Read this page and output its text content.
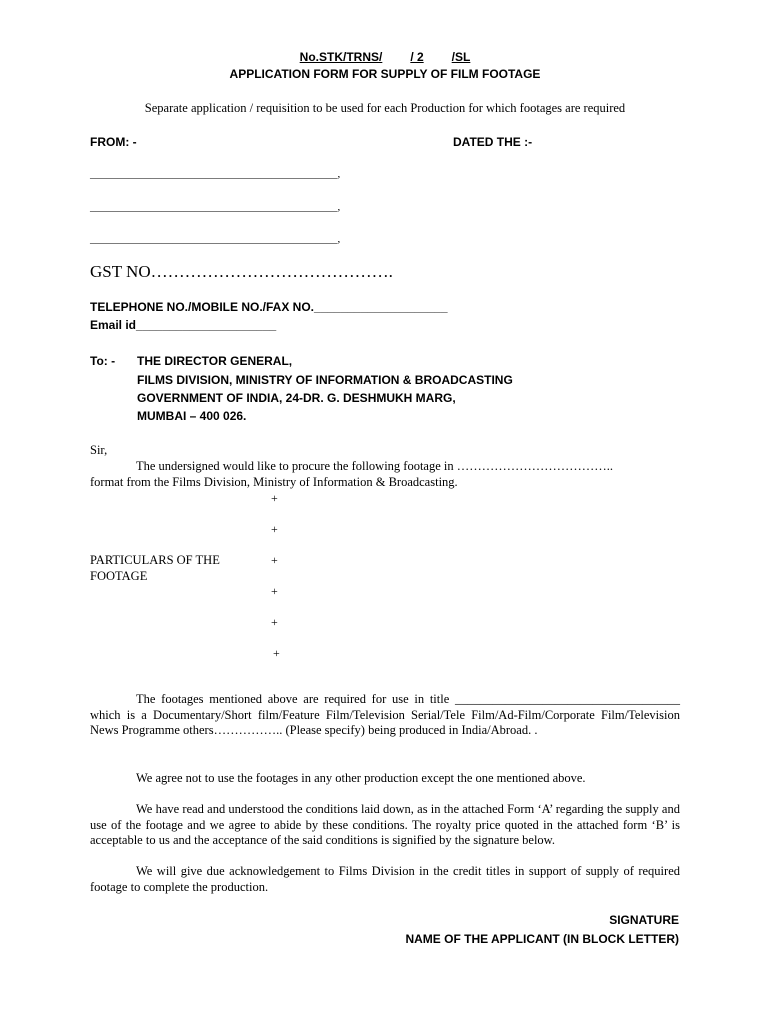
No.STK/TRNS/ / 2 /SL
APPLICATION FORM FOR SUPPLY OF FILM FOOTAGE
Separate application / requisition to be used for each Production for which footages are required
FROM: -	DATED THE :-
_____________________________________________,
_____________________________________________,
_____________________________________________,
GST NO…………………………………….
TELEPHONE NO./MOBILE NO./FAX NO.____________________
Email id_____________________
To: - THE DIRECTOR GENERAL,
FILMS DIVISION, MINISTRY OF INFORMATION & BROADCASTING
GOVERNMENT OF INDIA, 24-DR. G. DESHMUKH MARG,
MUMBAI – 400 026.
Sir,
The undersigned would like to procure the following footage in ………………………………..
format from the Films Division, Ministry of Information & Broadcasting.
+
+
+
+
+
+
PARTICULARS OF THE FOOTAGE
The footages mentioned above are required for use in title ____________________________________ which is a Documentary/Short film/Feature Film/Television Serial/Tele Film/Ad-Film/Corporate Film/Television News Programme others…………….. (Please specify) being produced in India/Abroad. .
We agree not to use the footages in any other production except the one mentioned above.
We have read and understood the conditions laid down, as in the attached Form ‘A’ regarding the supply and use of the footage and we agree to abide by these conditions. The royalty price quoted in the attached form ‘B’ is acceptable to us and the acceptance of the said conditions is signified by the signature below.
We will give due acknowledgement to Films Division in the credit titles in support of supply of required footage to complete the production.
SIGNATURE
NAME OF THE APPLICANT (IN BLOCK LETTER)
